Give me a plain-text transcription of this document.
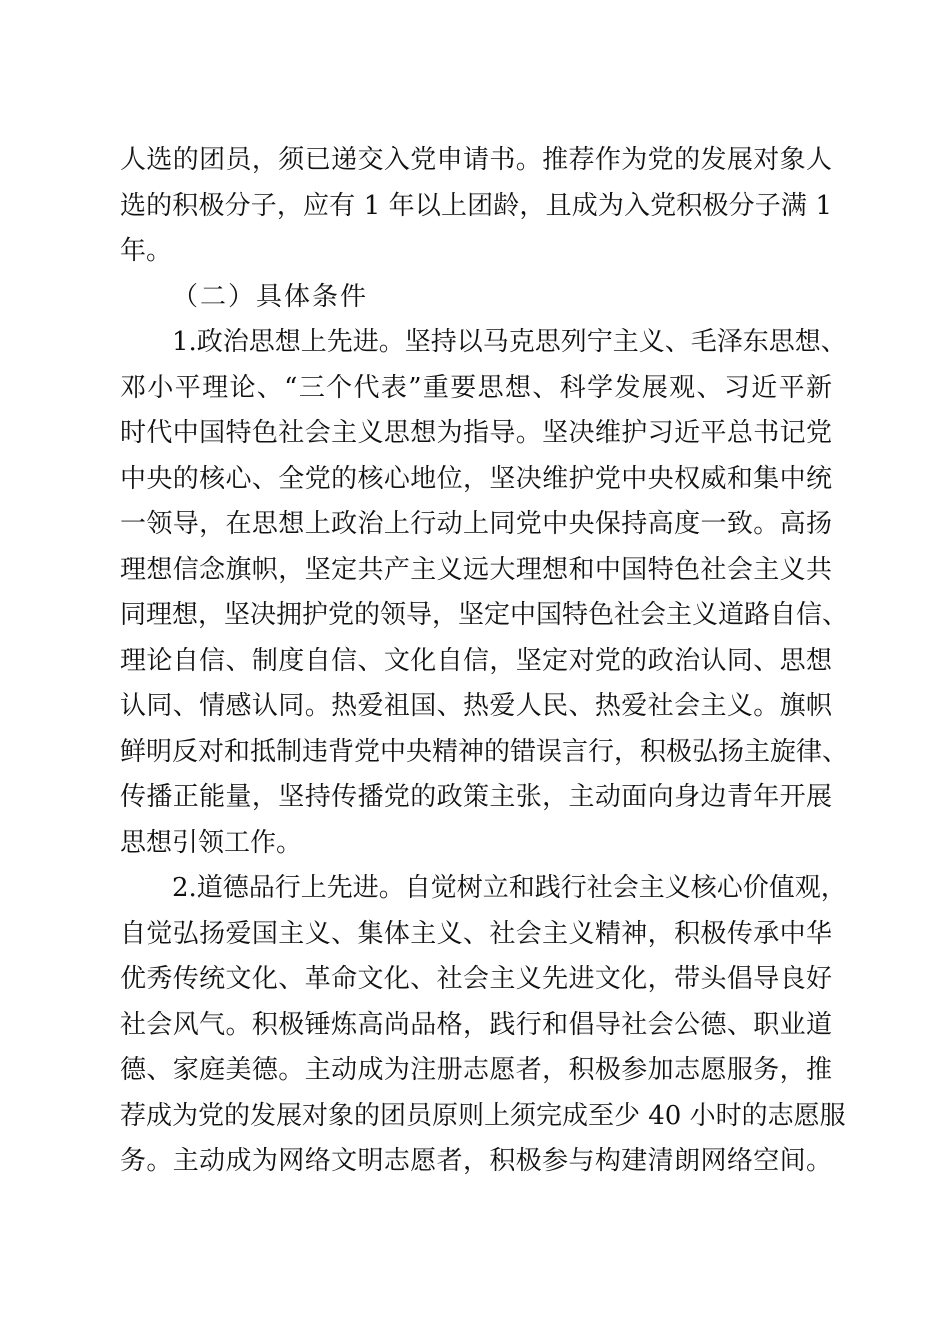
人选的团员，须已递交入党申请书。推荐作为党的发展对象人
选的积极分子，应有 1 年以上团龄，且成为入党积极分子满 1
年。
（二）具体条件
1.政治思想上先进。坚持以马克思列宁主义、毛泽东思想、
邓小平理论、“三个代表”重要思想、科学发展观、习近平新
时代中国特色社会主义思想为指导。坚决维护习近平总书记党
中央的核心、全党的核心地位，坚决维护党中央权威和集中统
一领导，在思想上政治上行动上同党中央保持高度一致。高扬
理想信念旗帜，坚定共产主义远大理想和中国特色社会主义共
同理想，坚决拥护党的领导，坚定中国特色社会主义道路自信、
理论自信、制度自信、文化自信，坚定对党的政治认同、思想
认同、情感认同。热爱祖国、热爱人民、热爱社会主义。旗帜
鲜明反对和抵制违背党中央精神的错误言行，积极弘扬主旋律、
传播正能量，坚持传播党的政策主张，主动面向身边青年开展
思想引领工作。
2.道德品行上先进。自觉树立和践行社会主义核心价值观，
自觉弘扬爱国主义、集体主义、社会主义精神，积极传承中华
优秀传统文化、革命文化、社会主义先进文化，带头倡导良好
社会风气。积极锤炼高尚品格，践行和倡导社会公德、职业道
德、家庭美德。主动成为注册志愿者，积极参加志愿服务，推
荐成为党的发展对象的团员原则上须完成至少 40 小时的志愿服
务。主动成为网络文明志愿者，积极参与构建清朗网络空间。
